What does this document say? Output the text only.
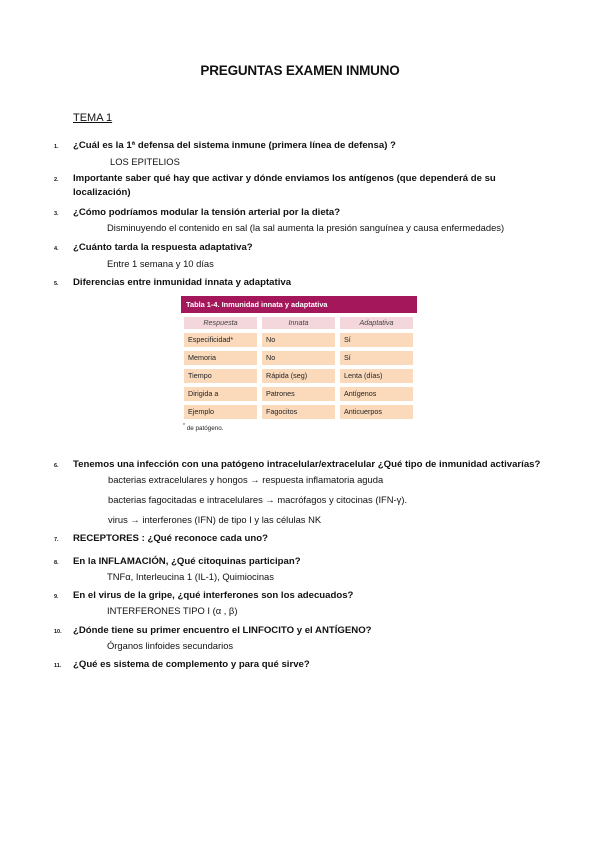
PREGUNTAS EXAMEN INMUNO
TEMA 1
1. ¿Cuál es la 1ª defensa del sistema inmune (primera línea de defensa) ?
LOS EPITELIOS
2. Importante saber qué hay que activar y dónde enviamos los antígenos (que dependerá de su localización)
3. ¿Cómo podríamos modular la tensión arterial por la dieta?
Disminuyendo el contenido en sal (la sal aumenta la presión sanguínea y causa enfermedades)
4. ¿Cuánto tarda la respuesta adaptativa?
Entre 1 semana y 10 días
5. Diferencias entre inmunidad innata y adaptativa
Tabla 1-4. Inmunidad innata y adaptativa
Respuesta	Innata	Adaptativa
Especificidad*	No	Sí
Memoria	No	Sí
Tiempo	Rápida (seg)	Lenta (días)
Dirigida a	Patrones	Antígenos
Ejemplo	Fagocitos	Anticuerpos
* de patógeno.
6. Tenemos una infección con una patógeno intracelular/extracelular ¿Qué tipo de inmunidad activarías?
bacterias extracelulares y hongos → respuesta inflamatoria aguda
bacterias fagocitadas e intracelulares → macrófagos y citocinas (IFN-γ).
virus → interferones (IFN) de tipo I y las células NK
7. RECEPTORES : ¿Qué reconoce cada uno?
8. En la INFLAMACIÓN, ¿Qué citoquinas participan?
TNFα, Interleucina 1 (IL-1), Quimiocinas
9. En el virus de la gripe, ¿qué interferones son los adecuados?
INTERFERONES TIPO I (α , β)
10. ¿Dónde tiene su primer encuentro el LINFOCITO y el ANTÍGENO?
Órganos linfoides secundarios
11. ¿Qué es sistema de complemento y para qué sirve?
